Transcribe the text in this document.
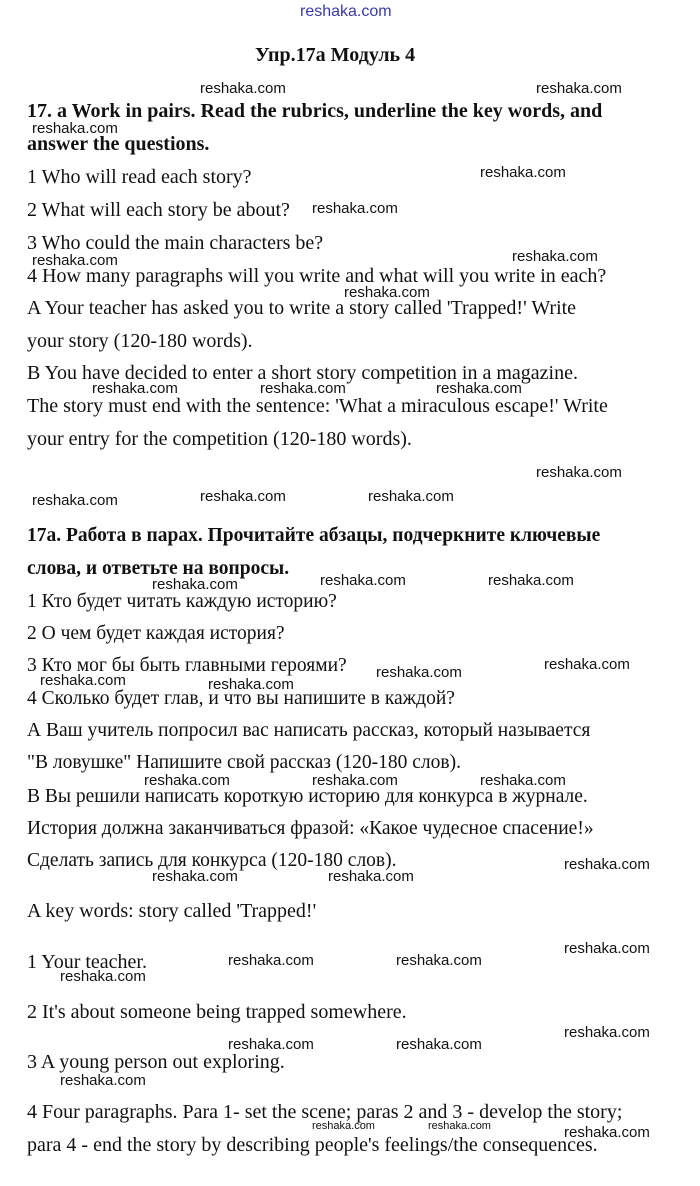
reshaka.com
Упр.17а Модуль 4
17. a Work in pairs. Read the rubrics, underline the key words, and
answer the questions.
1 Who will read each story?
2 What will each story be about?
3 Who could the main characters be?
4 How many paragraphs will you write and what will you write in each?
A Your teacher has asked you to write a story called 'Trapped!' Write
your story (120-180 words).
B You have decided to enter a short story competition in a magazine.
The story must end with the sentence: 'What a miraculous escape!' Write
your entry for the competition (120-180 words).
17а. Работа в парах. Прочитайте абзацы, подчеркните ключевые
слова, и ответьте на вопросы.
1 Кто будет читать каждую историю?
2 О чем будет каждая история?
3 Кто мог бы быть главными героями?
4 Сколько будет глав, и что вы напишите в каждой?
А Ваш учитель попросил вас написать рассказ, который называется
"В ловушке" Напишите свой рассказ (120-180 слов).
В Вы решили написать короткую историю для конкурса в журнале.
История должна заканчиваться фразой: «Какое чудесное спасение!»
Сделать запись для конкурса (120-180 слов).
A key words: story called 'Trapped!'
1 Your teacher.
2 It's about someone being trapped somewhere.
3 A young person out exploring.
4 Four paragraphs. Para 1- set the scene; paras 2 and 3 - develop the story;
para 4 - end the story by describing people's feelings/the consequences.
reshaka.com	reshaka.com
reshaka.com
reshaka.com
reshaka.com
reshaka.com
reshaka.com
reshaka.com
reshaka.com	reshaka.com	reshaka.com
reshaka.com
reshaka.com	reshaka.com	reshaka.com
reshaka.com	reshaka.com	reshaka.com
reshaka.com
reshaka.com
reshaka.com	reshaka.com
reshaka.com	reshaka.com	reshaka.com
reshaka.com
reshaka.com	reshaka.com
reshaka.com
reshaka.com	reshaka.com
reshaka.com
reshaka.com
reshaka.com	reshaka.com
reshaka.com
reshaka.com	reshaka.com	reshaka.com
